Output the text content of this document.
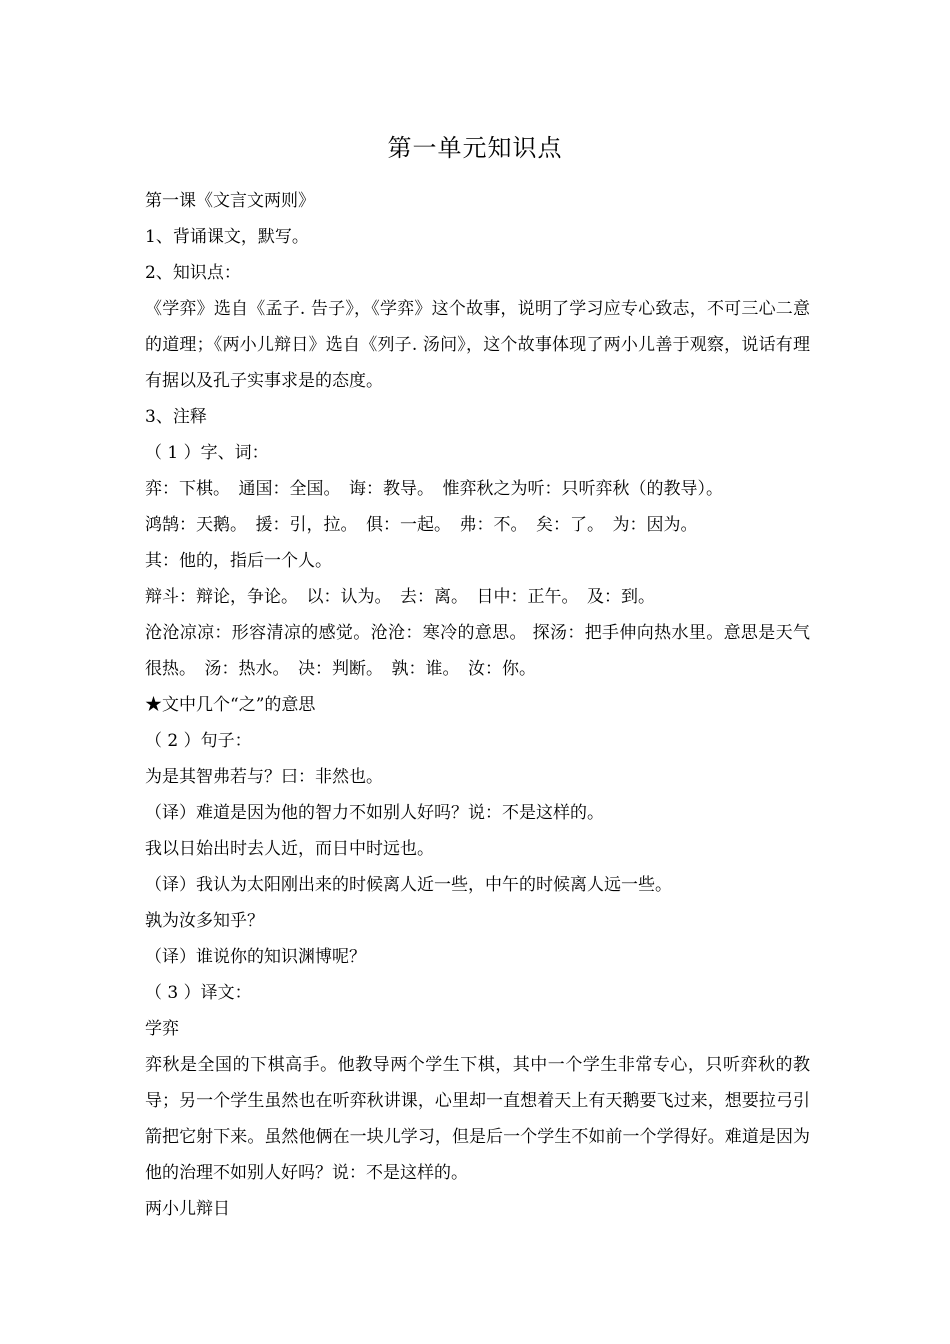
第一单元知识点

第一课《文言文两则》

1、背诵课文，默写。

2、知识点：

《学弈》选自《孟子. 告子》，《学弈》这个故事，说明了学习应专心致志，不可三心二意的道理；《两小儿辩日》选自《列子. 汤问》，这个故事体现了两小儿善于观察，说话有理有据以及孔子实事求是的态度。

3、注释

（ 1 ）字、词：

弈：下棋。　通国：全国。　诲：教导。　惟弈秋之为听：只听弈秋（的教导）。

鸿鹄：天鹅。　援：引，拉。　俱：一起。　弗：不。　矣：了。　为：因为。

其：他的，指后一个人。

辩斗：辩论，争论。　以：认为。　去：离。　日中：正午。　及：到。

沧沧凉凉：形容清凉的感觉。沧沧：寒冷的意思。 探汤：把手伸向热水里。意思是天气很热。　汤：热水。　决：判断。　孰：谁。　汝：你。

★文中几个“之”的意思

（ 2 ）句子：

为是其智弗若与？曰：非然也。

（译）难道是因为他的智力不如别人好吗？说：不是这样的。

我以日始出时去人近，而日中时远也。

（译）我认为太阳刚出来的时候离人近一些，中午的时候离人远一些。

孰为汝多知乎？

（译）谁说你的知识渊博呢？

（ 3 ）译文：

学弈

弈秋是全国的下棋高手。他教导两个学生下棋，其中一个学生非常专心，只听弈秋的教导；另一个学生虽然也在听弈秋讲课，心里却一直想着天上有天鹅要飞过来，想要拉弓引箭把它射下来。虽然他俩在一块儿学习，但是后一个学生不如前一个学得好。难道是因为他的治理不如别人好吗？说：不是这样的。

两小儿辩日
